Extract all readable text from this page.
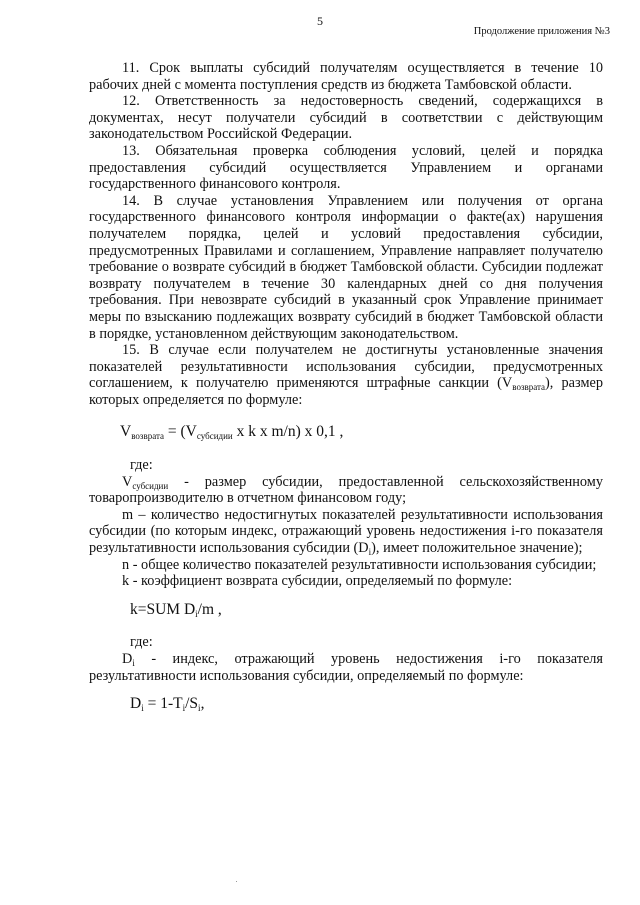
5
Продолжение приложения №3

11. Срок выплаты субсидий получателям осуществляется в течение 10 рабочих дней с момента поступления средств из бюджета Тамбовской области.

12. Ответственность за недостоверность сведений, содержащихся в документах, несут получатели субсидий в соответствии с действующим законодательством Российской Федерации.

13. Обязательная проверка соблюдения условий, целей и порядка предоставления субсидий осуществляется Управлением и органами государственного финансового контроля.

14. В случае установления Управлением или получения от органа государственного финансового контроля информации о факте(ах) нарушения получателем порядка, целей и условий предоставления субсидии, предусмотренных Правилами и соглашением, Управление направляет получателю требование о возврате субсидий в бюджет Тамбовской области. Субсидии подлежат возврату получателем в течение 30 календарных дней со дня получения требования. При невозврате субсидий в указанный срок Управление принимает меры по взысканию подлежащих возврату субсидий в бюджет Тамбовской области в порядке, установленном действующим законодательством.

15. В случае если получателем не достигнуты установленные значения показателей результативности использования субсидии, предусмотренных соглашением, к получателю применяются штрафные санкции $(V_{возврата})$, размер которых определяется по формуле:

$V_{возврата} = (V_{субсидии}$ x k x m/n) x 0,1 ,
где:

$V_{субсидии}$ - размер субсидии, предоставленной сельскохозяйственному товаропроизводителю в отчетном финансовом году;

m – количество недостигнутых показателей результативности использования субсидии (по которым индекс, отражающий уровень недостижения i-го показателя результативности использования субсидии $(D_i)$, имеет положительное значение);

n - общее количество показателей результативности использования субсидии;

k - коэффициент возврата субсидии, определяемый по формуле:

k=SUM $D_i/m$ ,
где:

$D_i$ - индекс, отражающий уровень недостижения i-го показателя результативности использования субсидии, определяемый по формуле:

$D_i = 1-T_i/S_i$,
